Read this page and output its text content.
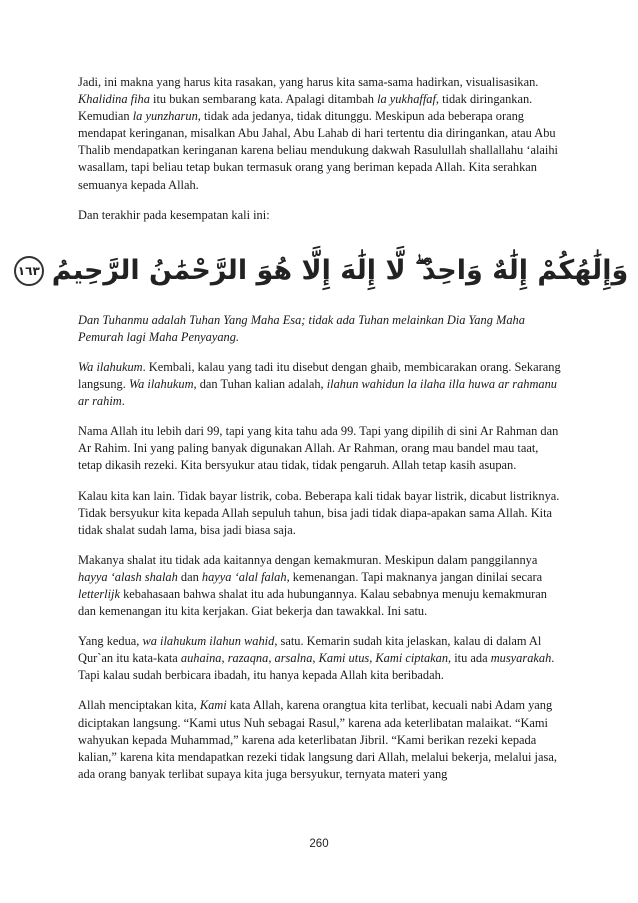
Jadi, ini makna yang harus kita rasakan, yang harus kita sama-sama hadirkan, visualisasikan. Khalidina fiha itu bukan sembarang kata. Apalagi ditambah la yukhaffaf, tidak diringankan. Kemudian la yunzharun, tidak ada jedanya, tidak ditunggu. Meskipun ada beberapa orang mendapat keringanan, misalkan Abu Jahal, Abu Lahab di hari tertentu dia diringankan, atau Abu Thalib mendapatkan keringanan karena beliau mendukung dakwah Rasulullah shallallahu ‘alaihi wasallam, tapi beliau tetap bukan termasuk orang yang beriman kepada Allah. Kita serahkan semuanya kepada Allah.

Dan terakhir pada kesempatan kali ini:

وَإِلَٰهُكُمْ إِلَٰهٌ وَاحِدٌ ۖ لَّا إِلَٰهَ إِلَّا هُوَ الرَّحْمَٰنُ الرَّحِيمُ
١٦٣

Dan Tuhanmu adalah Tuhan Yang Maha Esa; tidak ada Tuhan melainkan Dia Yang Maha Pemurah lagi Maha Penyayang.

Wa ilahukum. Kembali, kalau yang tadi itu disebut dengan ghaib, membicarakan orang. Sekarang langsung. Wa ilahukum, dan Tuhan kalian adalah, ilahun wahidun la ilaha illa huwa ar rahmanu ar rahim.

Nama Allah itu lebih dari 99, tapi yang kita tahu ada 99. Tapi yang dipilih di sini Ar Rahman dan Ar Rahim. Ini yang paling banyak digunakan Allah. Ar Rahman, orang mau bandel mau taat, tetap dikasih rezeki. Kita bersyukur atau tidak, tidak pengaruh. Allah tetap kasih asupan.

Kalau kita kan lain. Tidak bayar listrik, coba. Beberapa kali tidak bayar listrik, dicabut listriknya. Tidak bersyukur kita kepada Allah sepuluh tahun, bisa jadi tidak diapa-apakan sama Allah. Kita tidak shalat sudah lama, bisa jadi biasa saja.

Makanya shalat itu tidak ada kaitannya dengan kemakmuran. Meskipun dalam panggilannya hayya ‘alash shalah dan hayya ‘alal falah, kemenangan. Tapi maknanya jangan dinilai secara letterlijk kebahasaan bahwa shalat itu ada hubungannya. Kalau sebabnya menuju kemakmuran dan kemenangan itu kita kerjakan. Giat bekerja dan tawakkal. Ini satu.

Yang kedua, wa ilahukum ilahun wahid, satu. Kemarin sudah kita jelaskan, kalau di dalam Al Qur`an itu kata-kata auhaina, razaqna, arsalna, Kami utus, Kami ciptakan, itu ada musyarakah. Tapi kalau sudah berbicara ibadah, itu hanya kepada Allah kita beribadah.

Allah menciptakan kita, Kami kata Allah, karena orangtua kita terlibat, kecuali nabi Adam yang diciptakan langsung. “Kami utus Nuh sebagai Rasul,” karena ada keterlibatan malaikat. “Kami wahyukan kepada Muhammad,” karena ada keterlibatan Jibril. “Kami berikan rezeki kepada kalian,” karena kita mendapatkan rezeki tidak langsung dari Allah, melalui bekerja, melalui jasa, ada orang banyak terlibat supaya kita juga bersyukur, ternyata materi yang

260
